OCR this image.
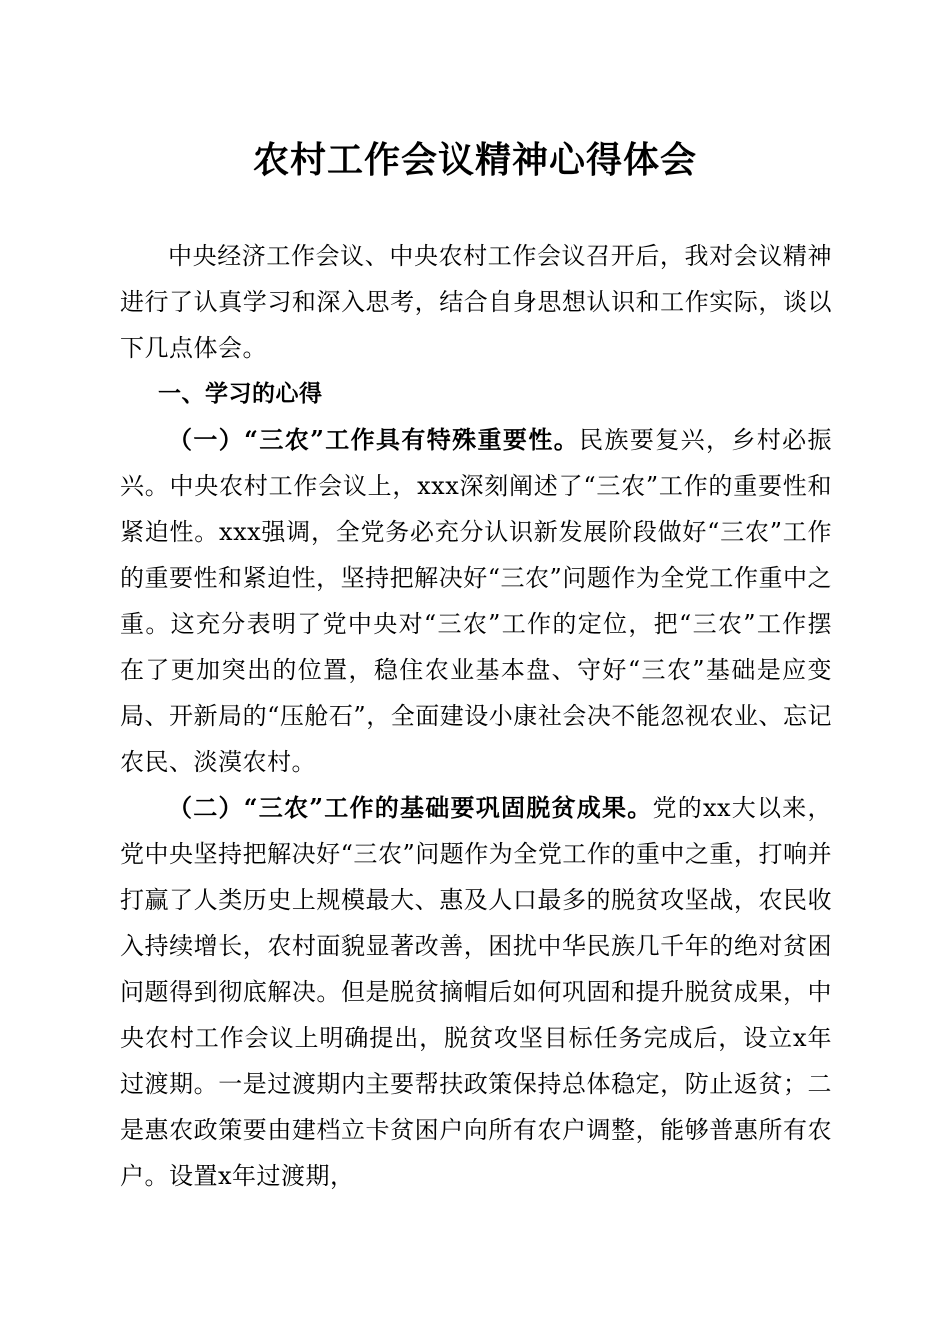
农村工作会议精神心得体会

中央经济工作会议、中央农村工作会议召开后，我对会议精神进行了认真学习和深入思考，结合自身思想认识和工作实际，谈以下几点体会。

一、学习的心得

（一）“三农”工作具有特殊重要性。民族要复兴，乡村必振兴。中央农村工作会议上，xxx深刻阐述了“三农”工作的重要性和紧迫性。xxx强调，全党务必充分认识新发展阶段做好“三农”工作的重要性和紧迫性，坚持把解决好“三农”问题作为全党工作重中之重。这充分表明了党中央对“三农”工作的定位，把“三农”工作摆在了更加突出的位置，稳住农业基本盘、守好“三农”基础是应变局、开新局的“压舱石”，全面建设小康社会决不能忽视农业、忘记农民、淡漠农村。

（二）“三农”工作的基础要巩固脱贫成果。党的xx大以来，党中央坚持把解决好“三农”问题作为全党工作的重中之重，打响并打赢了人类历史上规模最大、惠及人口最多的脱贫攻坚战，农民收入持续增长，农村面貌显著改善，困扰中华民族几千年的绝对贫困问题得到彻底解决。但是脱贫摘帽后如何巩固和提升脱贫成果，中央农村工作会议上明确提出，脱贫攻坚目标任务完成后，设立x年过渡期。一是过渡期内主要帮扶政策保持总体稳定，防止返贫；二是惠农政策要由建档立卡贫困户向所有农户调整，能够普惠所有农户。设置x年过渡期，
